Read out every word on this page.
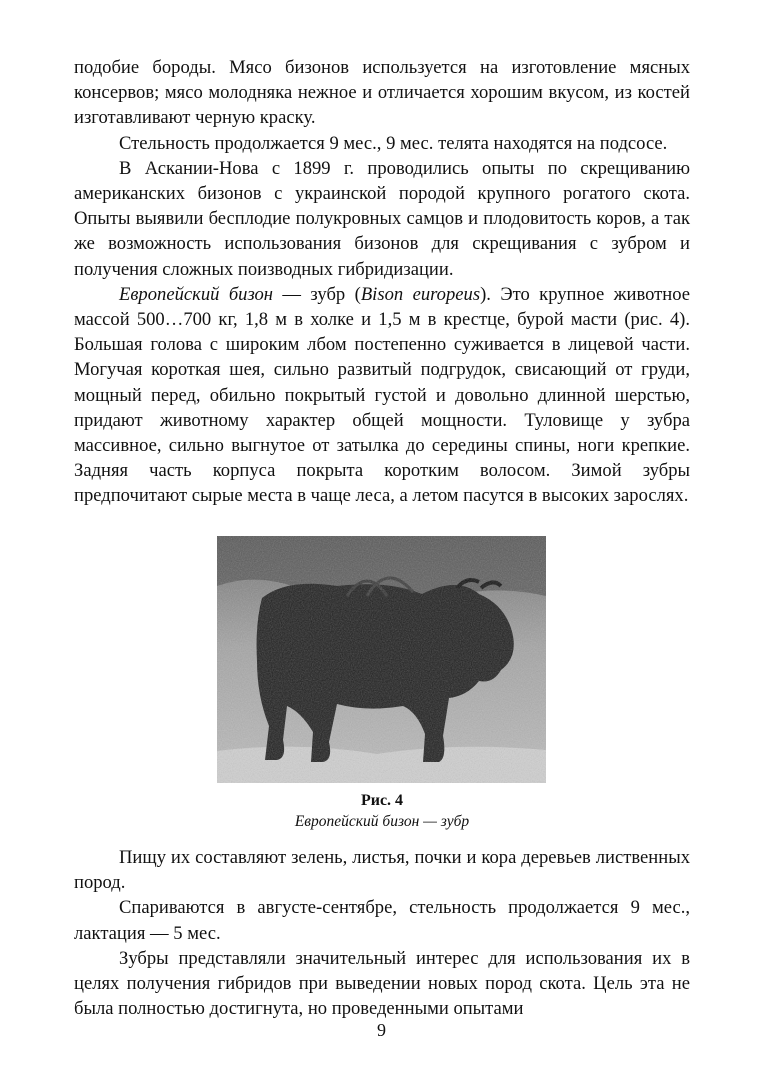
подобие бороды. Мясо бизонов используется на изготовление мясных консервов; мясо молодняка нежное и отличается хорошим вкусом, из костей изготавливают черную краску.

Стельность продолжается 9 мес., 9 мес. телята находятся на подсосе.

В Аскании-Нова с 1899 г. проводились опыты по скрещиванию американских бизонов с украинской породой крупного рогатого скота. Опыты выявили бесплодие полукровных самцов и плодовитость коров, а так же возможность использования бизонов для скрещивания с зубром и получения сложных поизводных гибридизации.

Европейский бизон — зубр (Bison europeus). Это крупное животное массой 500…700 кг, 1,8 м в холке и 1,5 м в крестце, бурой масти (рис. 4). Большая голова с широким лбом постепенно суживается в лицевой части. Могучая короткая шея, сильно развитый подгрудок, свисающий от груди, мощный перед, обильно покрытый густой и довольно длинной шерстью, придают животному характер общей мощности. Туловище у зубра массивное, сильно выгнутое от затылка до середины спины, ноги крепкие. Задняя часть корпуса покрыта коротким волосом. Зимой зубры предпочитают сырые места в чаще леса, а летом пасутся в высоких зарослях.

Рис. 4
Европейский бизон — зубр

Пищу их составляют зелень, листья, почки и кора деревьев лиственных пород.

Спариваются в августе-сентябре, стельность продолжается 9 мес., лактация — 5 мес.

Зубры представляли значительный интерес для использования их в целях получения гибридов при выведении новых пород скота. Цель эта не была полностью достигнута, но проведенными опытами

9
